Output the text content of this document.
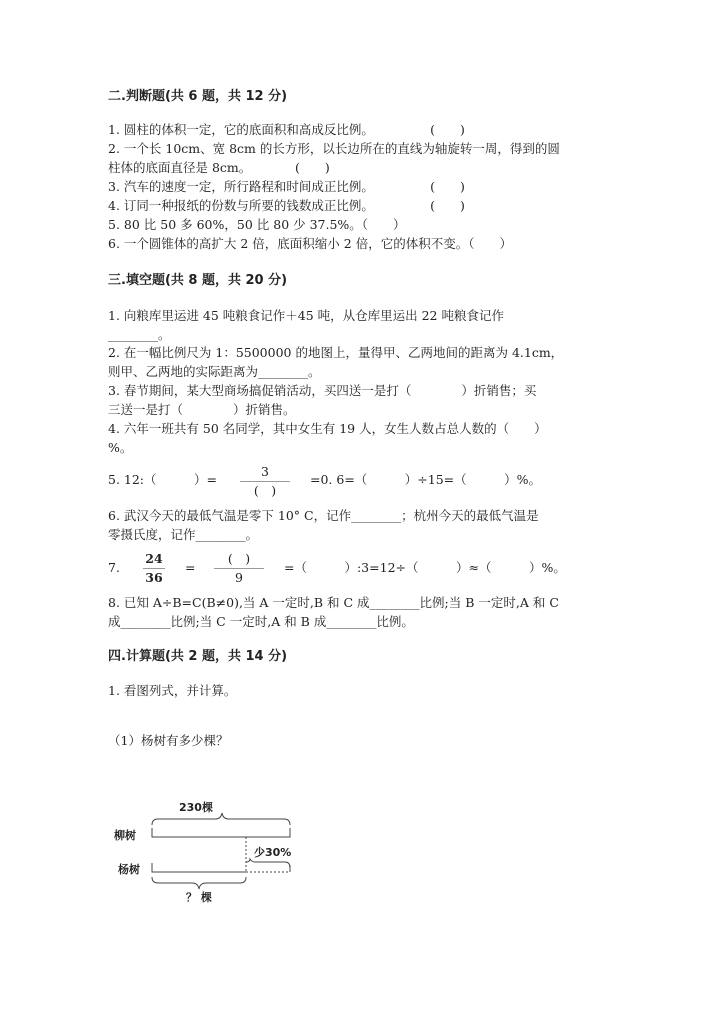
二.判断题(共 6 题，共 12 分)
1. 圆柱的体积一定，它的底面积和高成反比例。　　　　　(　　)
2. 一个长 10cm、宽 8cm 的长方形，以长边所在的直线为轴旋转一周，得到的圆
柱体的底面直径是 8cm。　　　　(　　)
3. 汽车的速度一定，所行路程和时间成正比例。　　　　　(　　)
4. 订同一种报纸的份数与所要的钱数成正比例。　　　　　(　　)
5. 80 比 50 多 60%，50 比 80 少 37.5%。（　　）
6. 一个圆锥体的高扩大 2 倍，底面积缩小 2 倍，它的体积不变。（　　）
三.填空题(共 8 题，共 20 分)
1. 向粮库里运进 45 吨粮食记作＋45 吨，从仓库里运出 22 吨粮食记作
________。
2. 在一幅比例尺为 1：5500000 的地图上，量得甲、乙两地间的距离为 4.1cm，
则甲、乙两地的实际距离为________。
3. 春节期间，某大型商场搞促销活动，买四送一是打（　　　　）折销售；买
三送一是打（　　　　）折销售。
4. 六年一班共有 50 名同学，其中女生有 19 人，女生人数占总人数的（　　）
%。
5. 12:（　　　）=
3
(　)
=0. 6=（　　　）÷15=（　　　）%。
6. 武汉今天的最低气温是零下 10° C，记作________；杭州今天的最低气温是
零摄氏度，记作________。
7.
24
36
=
(　)
9
=（　　　）:3=12÷（　　　）≈（　　　）%。
8. 已知 A÷B=C(B≠0),当 A 一定时,B 和 C 成________比例;当 B 一定时,A 和 C
成________比例;当 C 一定时,A 和 B 成________比例。
四.计算题(共 2 题，共 14 分)
1. 看图列式，并计算。
（1）杨树有多少棵？
230棵
柳树
少30%
杨树
？ 棵
